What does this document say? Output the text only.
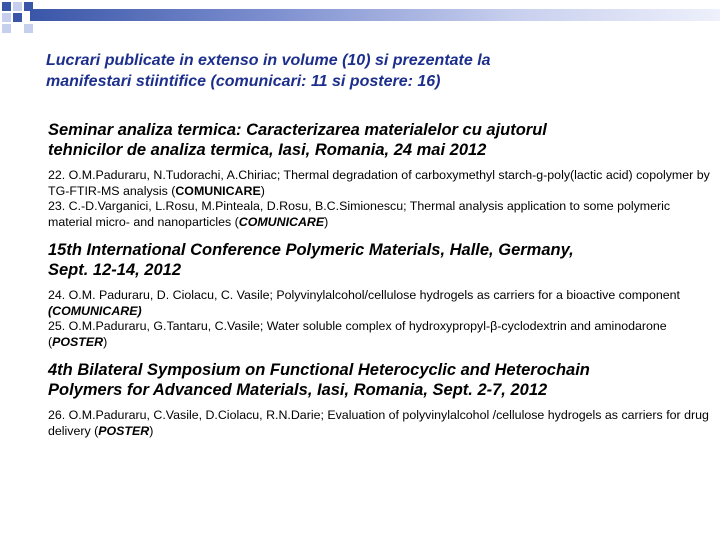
Lucrari publicate in extenso in volume (10) si prezentate la
manifestari stiintifice (comunicari: 11 si postere: 16)

Seminar analiza termica: Caracterizarea materialelor cu ajutorul
tehnicilor de analiza termica, Iasi, Romania, 24 mai 2012

22. O.M.Paduraru, N.Tudorachi, A.Chiriac; Thermal degradation of carboxymethyl starch-g-poly(lactic acid) copolymer by TG-FTIR-MS analysis (COMUNICARE)

23. C.-D.Varganici, L.Rosu, M.Pinteala, D.Rosu, B.C.Simionescu; Thermal analysis application to some polymeric material micro- and nanoparticles (COMUNICARE)

15th International Conference Polymeric Materials, Halle, Germany,
Sept. 12-14, 2012

24. O.M. Paduraru, D. Ciolacu, C. Vasile; Polyvinylalcohol/cellulose hydrogels as carriers for a bioactive component (COMUNICARE)

25. O.M.Paduraru, G.Tantaru, C.Vasile; Water soluble complex of hydroxypropyl-β-cyclodextrin and aminodarone (POSTER)

4th Bilateral Symposium on Functional Heterocyclic and Heterochain
Polymers for Advanced Materials, Iasi, Romania, Sept. 2-7, 2012

26. O.M.Paduraru, C.Vasile, D.Ciolacu, R.N.Darie; Evaluation of polyvinylalcohol /cellulose hydrogels as carriers for drug delivery (POSTER)
